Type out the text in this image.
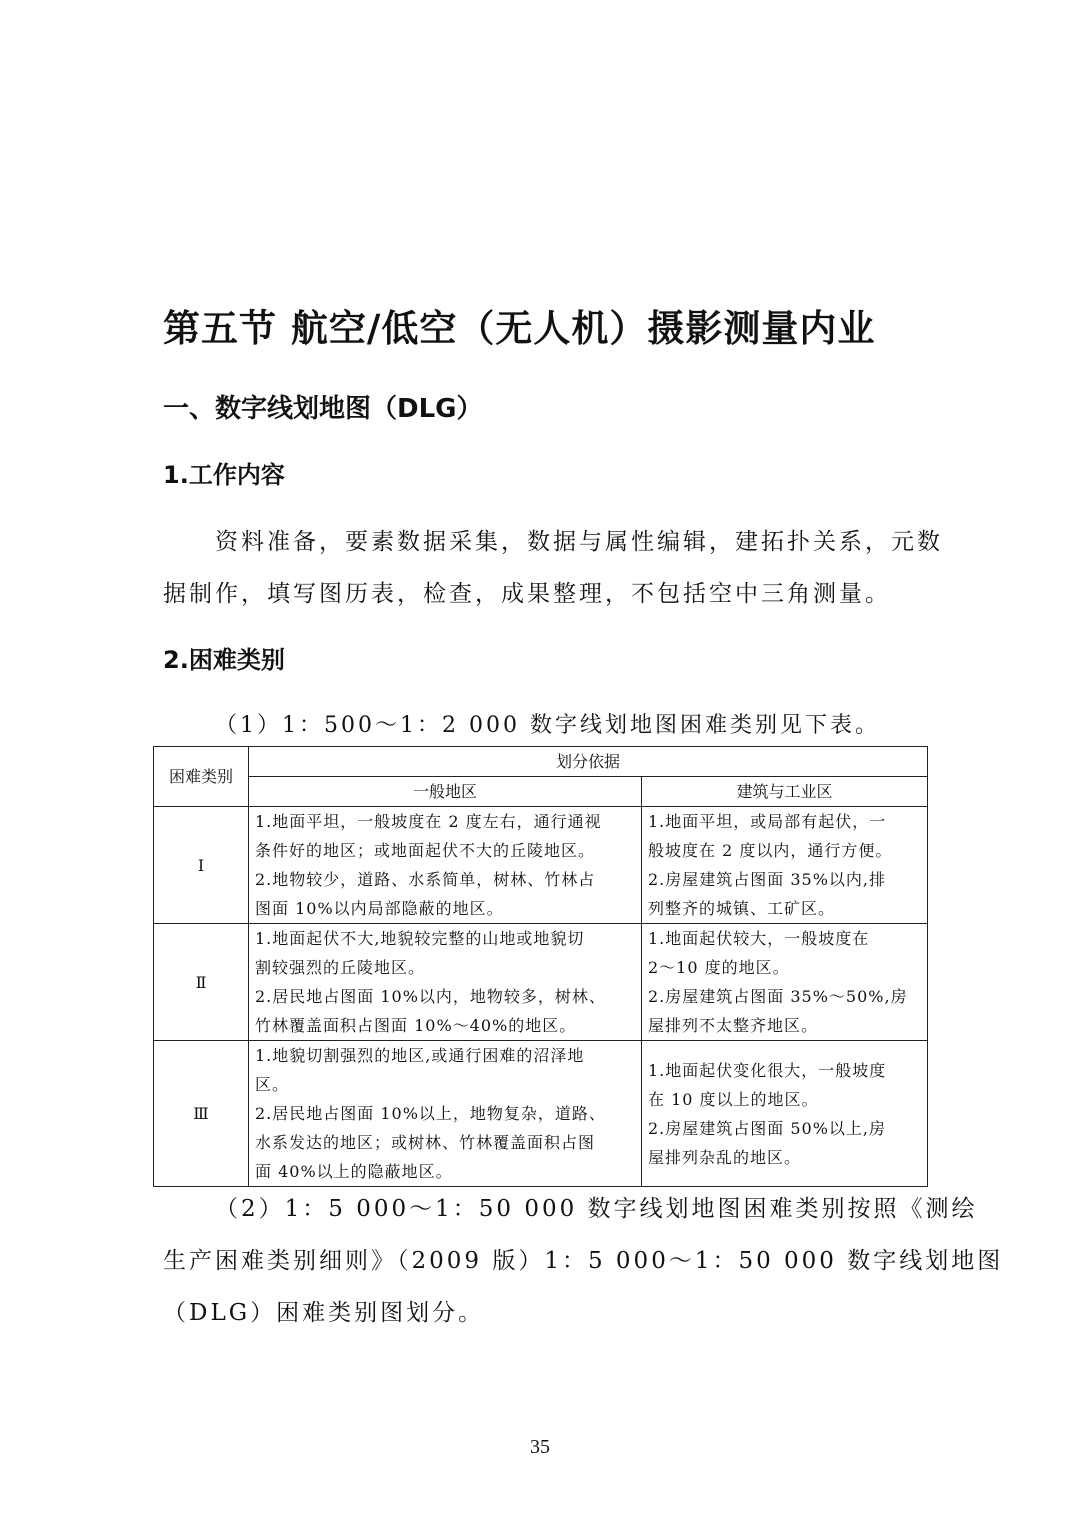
第五节 航空/低空（无人机）摄影测量内业
一、数字线划地图（DLG）
1.工作内容
资料准备，要素数据采集，数据与属性编辑，建拓扑关系，元数
据制作，填写图历表，检查，成果整理，不包括空中三角测量。
2.困难类别
（1）1：500～1：2 000 数字线划地图困难类别见下表。
困难类别	划分依据	
	一般地区	建筑与工业区
Ⅰ	1.地面平坦，一般坡度在 2 度左右，通行通视
条件好的地区；或地面起伏不大的丘陵地区。
2.地物较少，道路、水系简单，树林、竹林占
图面 10%以内局部隐蔽的地区。	1.地面平坦，或局部有起伏，一
般坡度在 2 度以内，通行方便。
2.房屋建筑占图面 35%以内,排
列整齐的城镇、工矿区。

Ⅱ	1.地面起伏不大,地貌较完整的山地或地貌切
割较强烈的丘陵地区。
2.居民地占图面 10%以内，地物较多，树林、
竹林覆盖面积占图面 10%～40%的地区。	1.地面起伏较大，一般坡度在
2～10 度的地区。
2.房屋建筑占图面 35%～50%,房
屋排列不太整齐地区。

Ⅲ	1.地貌切割强烈的地区,或通行困难的沼泽地
区。
2.居民地占图面 10%以上，地物复杂，道路、
水系发达的地区；或树林、竹林覆盖面积占图
面 40%以上的隐蔽地区。	1.地面起伏变化很大，一般坡度
在 10 度以上的地区。
2.房屋建筑占图面 50%以上,房
屋排列杂乱的地区。
（2）1：5 000～1：50 000 数字线划地图困难类别按照《测绘
生产困难类别细则》（2009 版）1：5 000～1：50 000 数字线划地图
（DLG）困难类别图划分。
35
